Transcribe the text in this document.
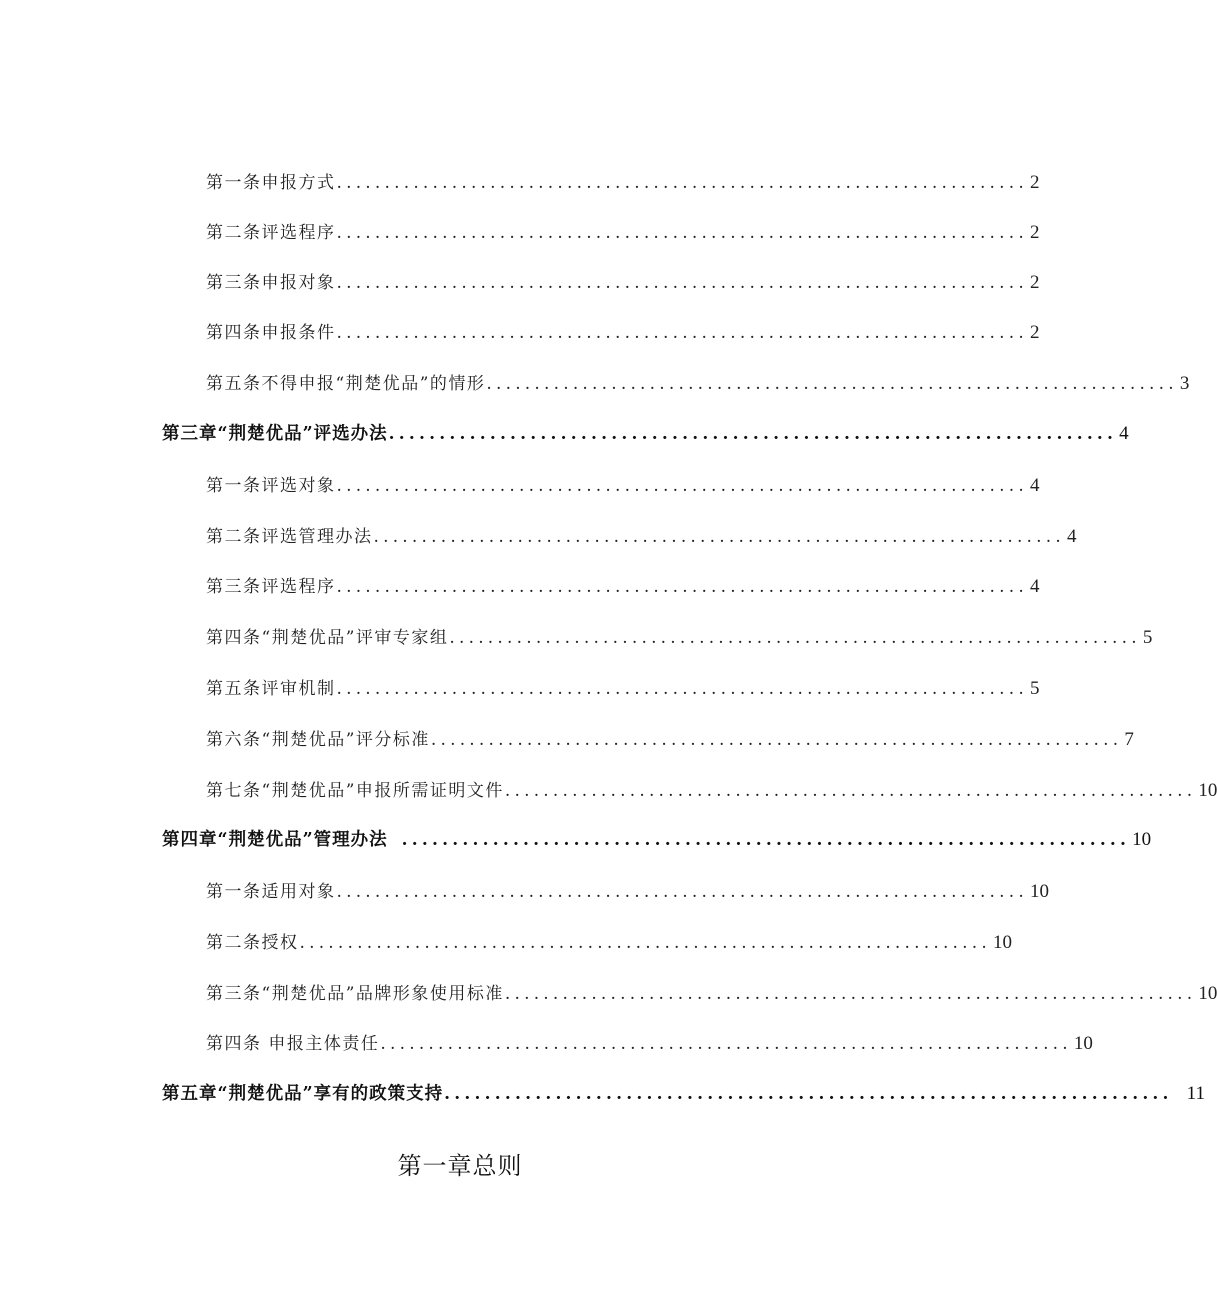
第一条申报方式 ........................................................................ 2
第二条评选程序 ........................................................................ 2
第三条申报对象 ........................................................................ 2
第四条申报条件 ........................................................................ 2
第五条不得申报“荆楚优品”的情形 ........................................................................ 3
第三章“荆楚优品”评选办法 ........................................................................ 4
第一条评选对象 ........................................................................ 4
第二条评选管理办法 ........................................................................ 4
第三条评选程序 ........................................................................ 4
第四条“荆楚优品”评审专家组 ........................................................................ 5
第五条评审机制 ........................................................................ 5
第六条“荆楚优品”评分标准 ........................................................................ 7
第七条“荆楚优品”申报所需证明文件 ........................................................................ 10
第四章“荆楚优品”管理办法 ........................................................................ 10
第一条适用对象 ........................................................................ 10
第二条授权 ........................................................................ 10
第三条“荆楚优品”品牌形象使用标准 ........................................................................ 10
第四条 申报主体责任 ........................................................................ 10
第五章“荆楚优品”享有的政策支持 ........................................................................ 11
第一章总则
